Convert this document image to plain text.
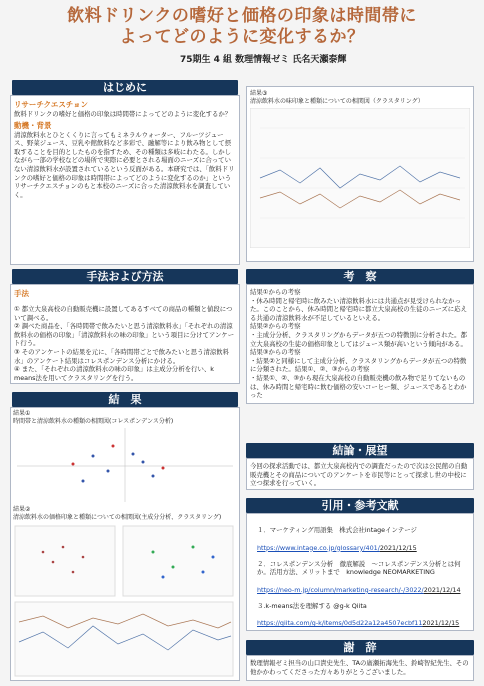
飲料ドリンクの嗜好と価格の印象は時間帯に
よってどのように変化するか？
75期生 4 組 数理情報ゼミ 氏名天瀬泰輝
はじめに
リサーチクエスチョン
飲料ドリンクの嗜好と価格の印象は時間帯によってどのように変化するか？
動機・背景
清涼飲料水とひとくくりに言ってもミネラルウォーター、フルーツジュース、野菜ジュース、豆乳や館飲料など多彩で、融解等により飲み物として摂取することを目的としたものを指すため、その種類は多岐にわたる。しかしながら一部の学校などの場所で実際に必要とされる場面のニーズに合っていない清涼飲料水が設置されているという反面がある。本研究では、「飲料ドリンクの嗜好と価格の印象は時間帯によってどのように変化するのか」というリサーチクエスチョンのもと本校のニーズに合った清涼飲料水を調査していく。
結果③
清涼飲料水の味印象と種類についての相関図（クラスタリング）
手法および方法
手法
① 都立大泉高校の自動販売機に設置してあるすべての商品の種類と値段について調べる。
② 調べた商品を、「各時間帯で飲みたいと思う清涼飲料水」「それぞれの清涼飲料水の価格の印象」「清涼飲料水の味の印象」という項目に分けてアンケート行う。
③ そのアンケートの結果を元に、「各時間帯ごとで飲みたいと思う清涼飲料水」のアンケート結果はコレスポンデンス分析にかける。
④ また、「それぞれの清涼飲料水の味の印象」は主成分分析を行い、k means法を用いてクラスタリングを行う。
考　察
結果①からの考察
・休み時間と帰宅時に飲みたい清涼飲料水には共通点が見受けられなかった。このことから、休み時間と帰宅時に都立大泉高校の生徒のニーズに応える共通の清涼飲料水が不足しているといえる。
結果②からの考察
・主成分分析、クラスタリングからデータが五つの特徴別に分析された。都立大泉高校の生徒の価格印象としてはジュース類が高いという傾向がある。
結果③からの考察
・結果②と同様にして主成分分析、クラスタリングからデータが五つの特徴に分類された。結果①、②、③からの考察
・結果①、②、③から現在大泉高校の自動販売機の飲み物で足りてないものは、休み時間と帰宅時に飲む価格の安いコーヒー類、ジュースであるとわかった
結　果
結果①
時間帯と清涼飲料水の種類の相関図(コレスポンデンス分析)
結果②
清涼飲料水の価格印象と種類についての相関図(主成分分析、クラスタリング)
結論・展望
今回の探求活動では、都立大泉高校内での調査だったので次は公民館の自動販売機とその商品についてのアンケートを市民等にとって探求し世の中校に立つ探求を行っていく。
引用・参考文献
１．マーケティング用語集　株式会社intageインテージ
https://www.intage.co.jp/glossary/401/2021/12/15
２．コレスポンデンス分析　徹底解説　～コレスポンデンス分析とは何か。活用方法、メリットまで　knowledge NEOMARKETING
https://neo-m.jp/column/marketing-research/-/3022/2021/12/14
３.k-means法を理解する @g-k Qiita
https://qiita.com/g-k/items/0d5d22a12a4507ecbf112021/12/15
謝　辞
数理情報ゼミ担当の山口貴史先生、TAの廣瀬拓海先生、鈴崎智紀先生、その他かかわってくださった方々ありがとうございました。
